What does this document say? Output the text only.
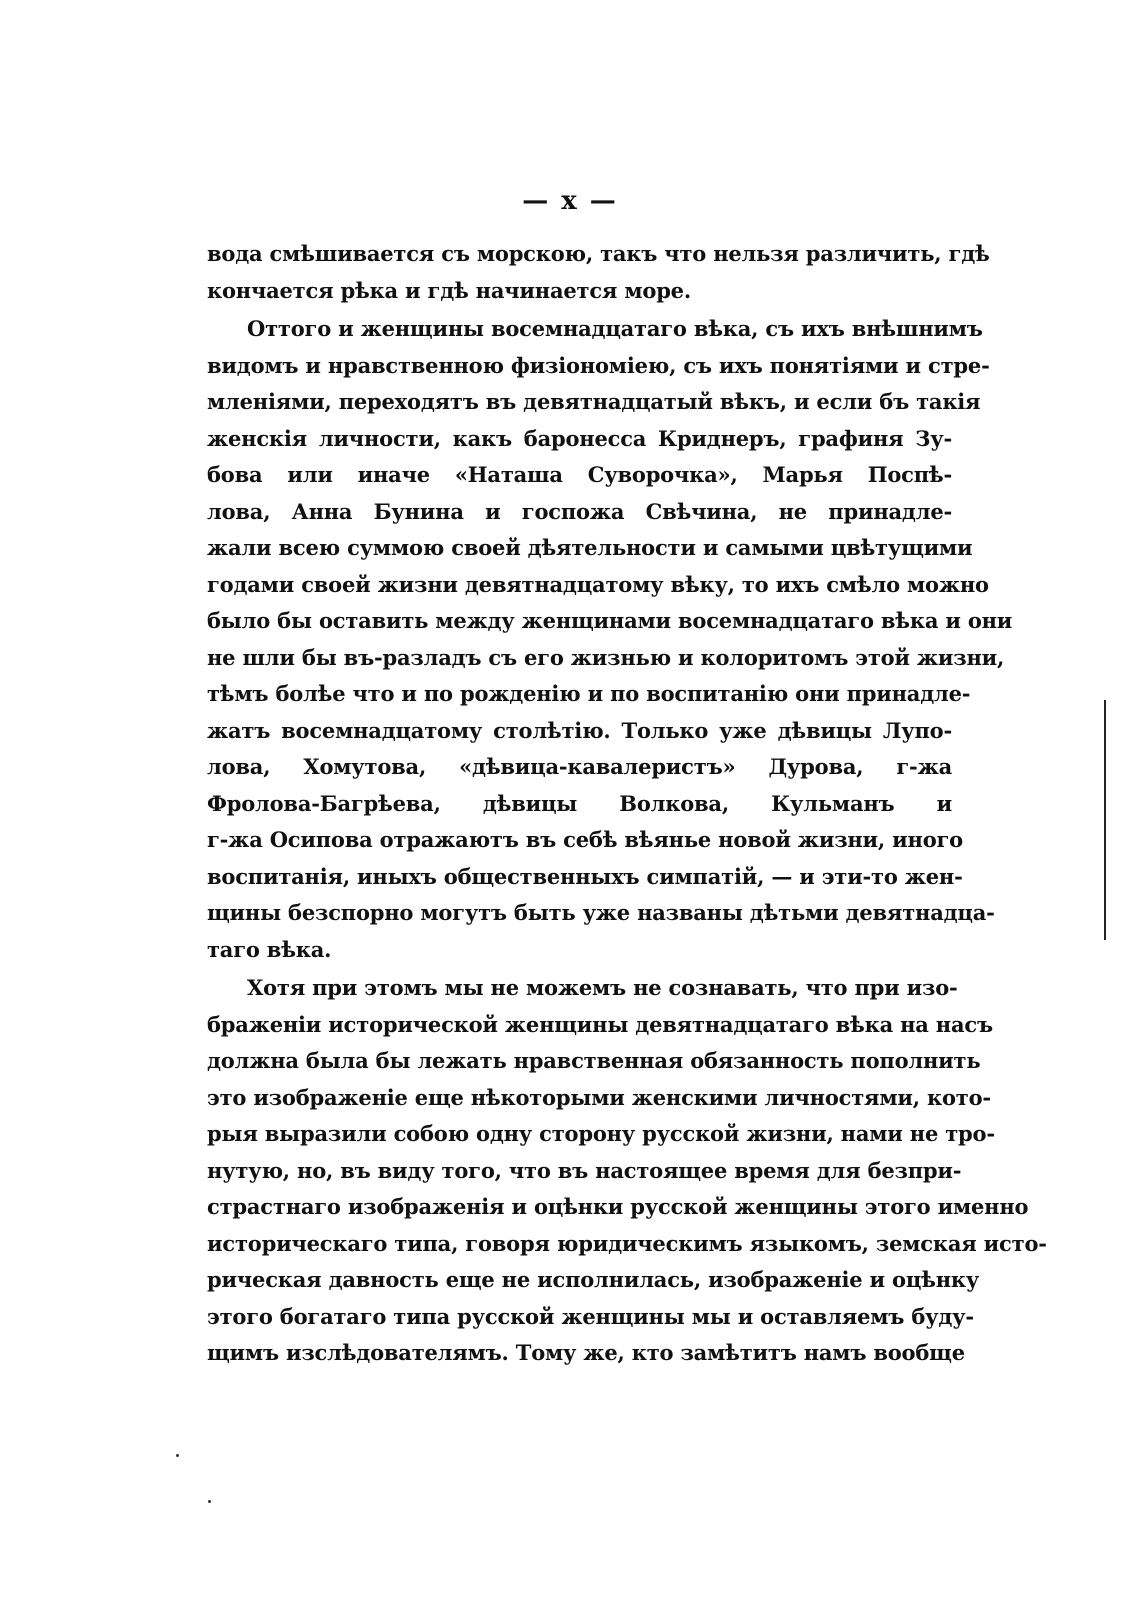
— x —
вода смѣшивается съ морскою, такъ что нельзя различить, гдѣ
кончается рѣка и гдѣ начинается море.
Оттого и женщины восемнадцатаго вѣка, съ ихъ внѣшнимъ
видомъ и нравственною физіономіею, съ ихъ понятіями и стре-
мленіями, переходятъ въ девятнадцатый вѣкъ, и если бъ такія
женскія личности, какъ баронесса Криднеръ, графиня Зу-
бова или иначе «Наташа Суворочка», Марья Поспѣ-
лова, Анна Бунина и госпожа Свѣчина, не принадле-
жали всею суммою своей дѣятельности и самыми цвѣтущими
годами своей жизни девятнадцатому вѣку, то ихъ смѣло можно
было бы оставить между женщинами восемнадцатаго вѣка и они
не шли бы въ-разладъ съ его жизнью и колоритомъ этой жизни,
тѣмъ болѣе что и по рожденію и по воспитанію они принадле-
жатъ восемнадцатому столѣтію. Только уже дѣвицы Лупо-
лова, Хомутова, «дѣвица-кавалеристъ» Дурова, г-жа
Фролова-Багрѣева, дѣвицы Волкова, Кульманъ и
г-жа Осипова отражаютъ въ себѣ вѣянье новой жизни, иного
воспитанія, иныхъ общественныхъ симпатій, — и эти-то жен-
щины безспорно могутъ быть уже названы дѣтьми девятнадца-
таго вѣка.
Хотя при этомъ мы не можемъ не сознавать, что при изо-
браженіи исторической женщины девятнадцатаго вѣка на насъ
должна была бы лежать нравственная обязанность пополнить
это изображеніе еще нѣкоторыми женскими личностями, кото-
рыя выразили собою одну сторону русской жизни, нами не тро-
нутую, но, въ виду того, что въ настоящее время для безпри-
страстнаго изображенія и оцѣнки русской женщины этого именно
историческаго типа, говоря юридическимъ языкомъ, земская исто-
рическая давность еще не исполнилась, изображеніе и оцѣнку
этого богатаго типа русской женщины мы и оставляемъ буду-
щимъ изслѣдователямъ. Тому же, кто замѣтитъ намъ вообще
